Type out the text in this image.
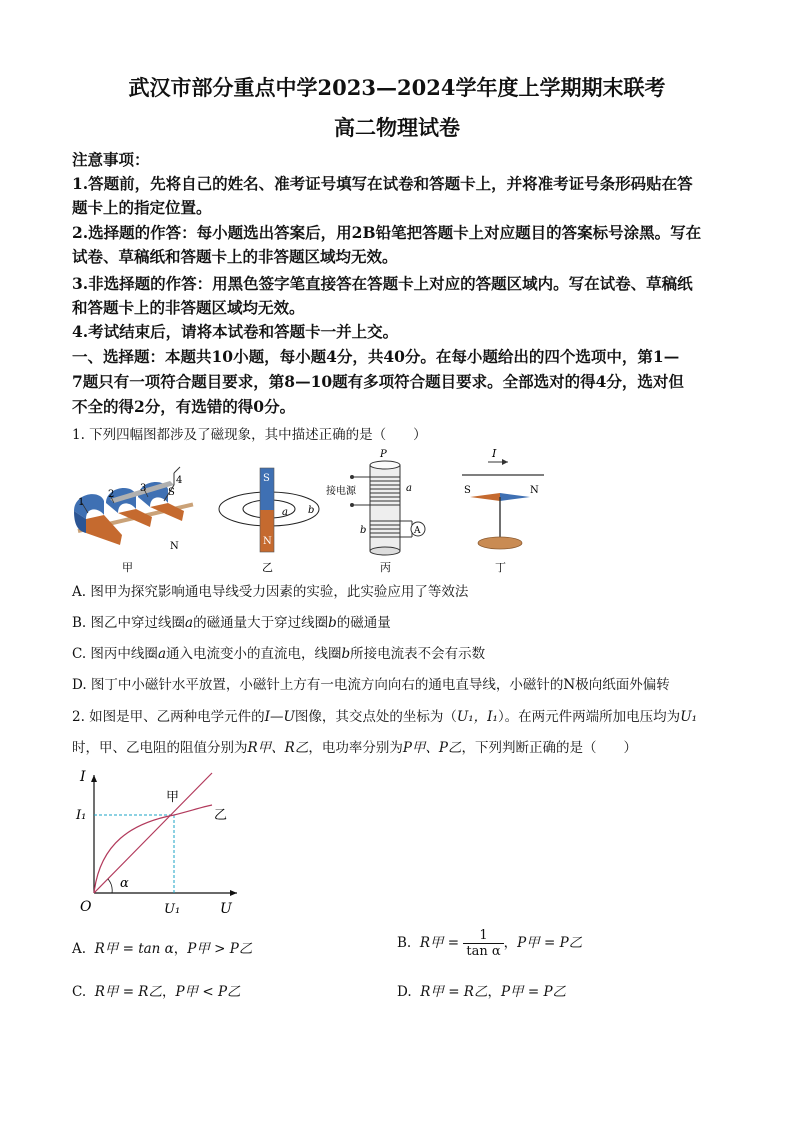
武汉市部分重点中学2023—2024学年度上学期期末联考
高二物理试卷
注意事项：
1.答题前，先将自己的姓名、准考证号填写在试卷和答题卡上，并将准考证号条形码贴在答
题卡上的指定位置。
2.选择题的作答：每小题选出答案后，用2B铅笔把答题卡上对应题目的答案标号涂黑。写在
试卷、草稿纸和答题卡上的非答题区域均无效。
3.非选择题的作答：用黑色签字笔直接答在答题卡上对应的答题区域内。写在试卷、草稿纸
和答题卡上的非答题区域均无效。
4.考试结束后，请将本试卷和答题卡一并上交。
一、选择题：本题共10小题，每小题4分，共40分。在每小题给出的四个选项中，第1—
7题只有一项符合题目要求，第8—10题有多项符合题目要求。全部选对的得4分，选对但
不全的得2分，有选错的得0分。
1. 下列四幅图都涉及了磁现象，其中描述正确的是（　　）
1
2
3
4
S
N
甲
S
N
a b
乙
A
P
接电源	a
b
丙
I
S	N
丁
A. 图甲为探究影响通电导线受力因素的实验，此实验应用了等效法
B. 图乙中穿过线圈a的磁通量大于穿过线圈b的磁通量
C. 图丙中线圈a通入电流变小的直流电，线圈b所接电流表不会有示数
D. 图丁中小磁针水平放置，小磁针上方有一电流方向向右的通电直导线，小磁针的N极向纸面外偏转
2. 如图是甲、乙两种电学元件的I—U图像，其交点处的坐标为（U₁，I₁）。在两元件两端所加电压均为U₁
时，甲、乙电阻的阻值分别为R甲、R乙，电功率分别为P甲、P乙，下列判断正确的是（　　）
I
U
O
I₁
U₁
α
甲
乙
A. R甲 = tan α，P甲 > P乙	B. R甲 = $\frac{1}{\text{tan α}}$ ，P甲 = P乙
C. R甲 = R乙，P甲 < P乙	D. R甲 = R乙，P甲 = P乙
